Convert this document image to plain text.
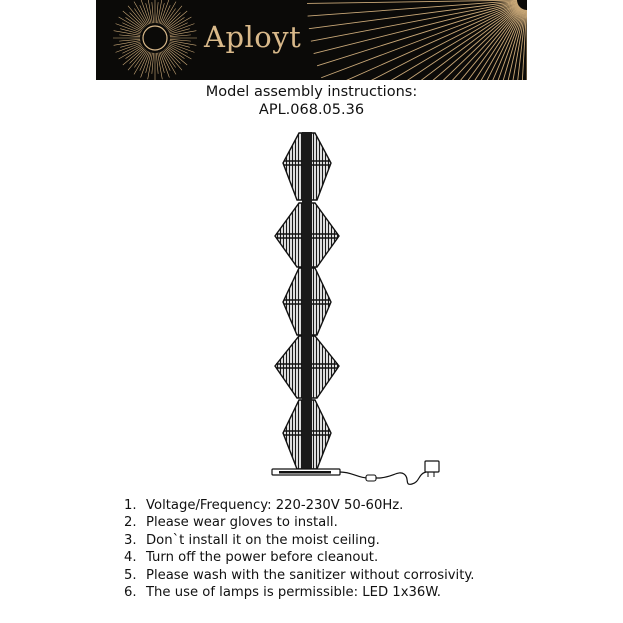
Aployt
Model assembly instructions:
APL.068.05.36
1. Voltage/Frequency: 220-230V 50-60Hz.
2. Please wear gloves to install.
3. Don`t install it on the moist ceiling.
4. Turn off the power before cleanout.
5. Please wash with the sanitizer without corrosivity.
6. The use of lamps is permissible: LED 1x36W.
